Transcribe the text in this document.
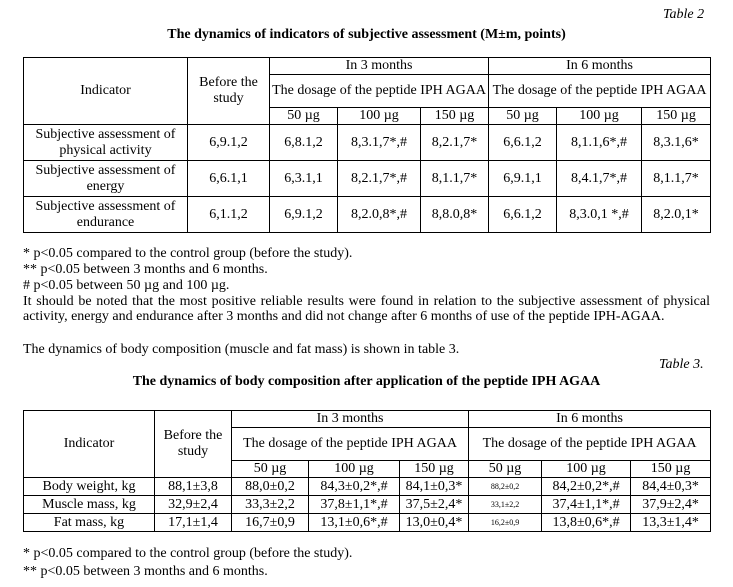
Table 2
The dynamics of indicators of subjective assessment (M±m, points)
Indicator	Before the study	In 3 months			In 6 months		
		The dosage of the peptide IPH AGAA			The dosage of the peptide IPH AGAA		
		50 µg	100 µg	150 µg	50 µg	100 µg	150 µg
Subjective assessment of physical activity	6,9.1,2	6,8.1,2	8,3.1,7*,#	8,2.1,7*	6,6.1,2	8,1.1,6*,#	8,3.1,6*
Subjective assessment of energy	6,6.1,1	6,3.1,1	8,2.1,7*,#	8,1.1,7*	6,9.1,1	8,4.1,7*,#	8,1.1,7*
Subjective assessment of endurance	6,1.1,2	6,9.1,2	8,2.0,8*,#	8,8.0,8*	6,6.1,2	8,3.0,1 *,#	8,2.0,1*
* p<0.05 compared to the control group (before the study).
** p<0.05 between 3 months and 6 months.
# p<0.05 between 50 µg and 100 µg.
It should be noted that the most positive reliable results were found in relation to the subjective assessment of physical activity, energy and endurance after 3 months and did not change after 6 months of use of the peptide IPH-AGAA.
The dynamics of body composition (muscle and fat mass) is shown in table 3.
Table 3.
The dynamics of body composition after application of the peptide IPH AGAA
Indicator	Before the study	In 3 months			In 6 months		
		The dosage of the peptide IPH AGAA			The dosage of the peptide IPH AGAA		
		50 µg	100 µg	150 µg	50 µg	100 µg	150 µg
Body weight, kg	88,1±3,8	88,0±0,2	84,3±0,2*,#	84,1±0,3*	88,2±0,2	84,2±0,2*,#	84,4±0,3*
Muscle mass, kg	32,9±2,4	33,3±2,2	37,8±1,1*,#	37,5±2,4*	33,1±2,2	37,4±1,1*,#	37,9±2,4*
Fat mass, kg	17,1±1,4	16,7±0,9	13,1±0,6*,#	13,0±0,4*	16,2±0,9	13,8±0,6*,#	13,3±1,4*
* p<0.05 compared to the control group (before the study).
** p<0.05 between 3 months and 6 months.
